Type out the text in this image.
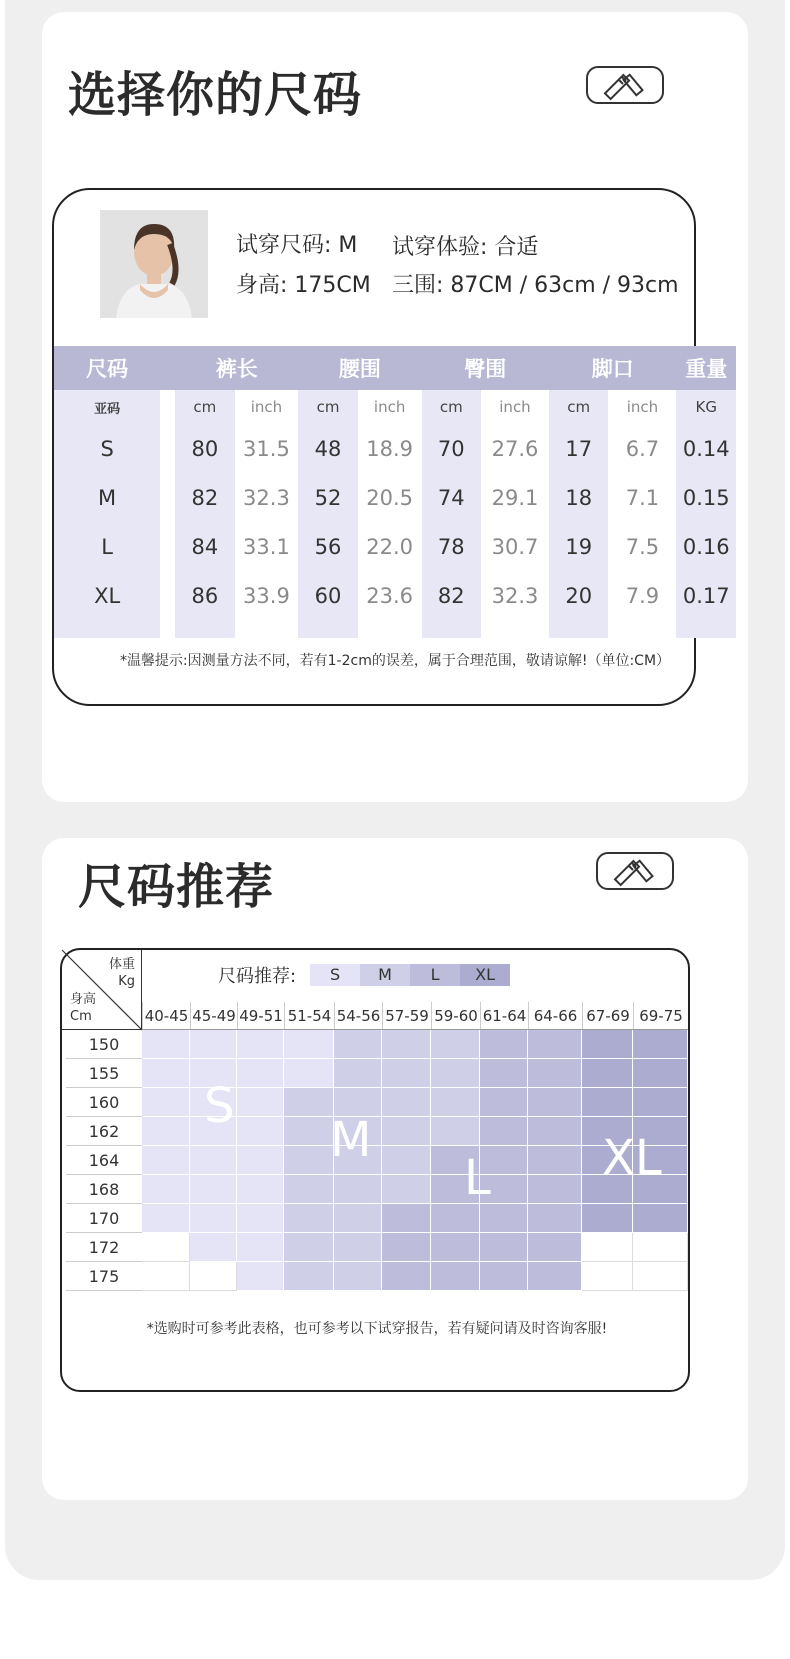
选择你的尺码
试穿尺码: M 试穿体验: 合适
身高: 175CM 三围: 87CM / 63cm / 93cm
尺码		裤长		腰围		臀围		脚口		重量
亚码		cm	inch	cm	inch	cm	inch	cm	inch	KG
S		80	31.5	48	18.9	70	27.6	17	6.7	0.14
M		82	32.3	52	20.5	74	29.1	18	7.1	0.15
L		84	33.1	56	22.0	78	30.7	19	7.5	0.16
XL		86	33.9	60	23.6	82	32.3	20	7.9	0.17

*温馨提示:因测量方法不同，若有1-2cm的误差，属于合理范围，敬请谅解!（单位:CM）
尺码推荐
体重
Kg
身高
Cm
尺码推荐:	S	M	L	XL
40-45 45-49 49-51 51-54 54-56 57-59 59-60 61-64 64-66 67-69 69-75
150
155
160
162
164
168
170
172
175
S
M
L XL
*选购时可参考此表格，也可参考以下试穿报告，若有疑问请及时咨询客服!
